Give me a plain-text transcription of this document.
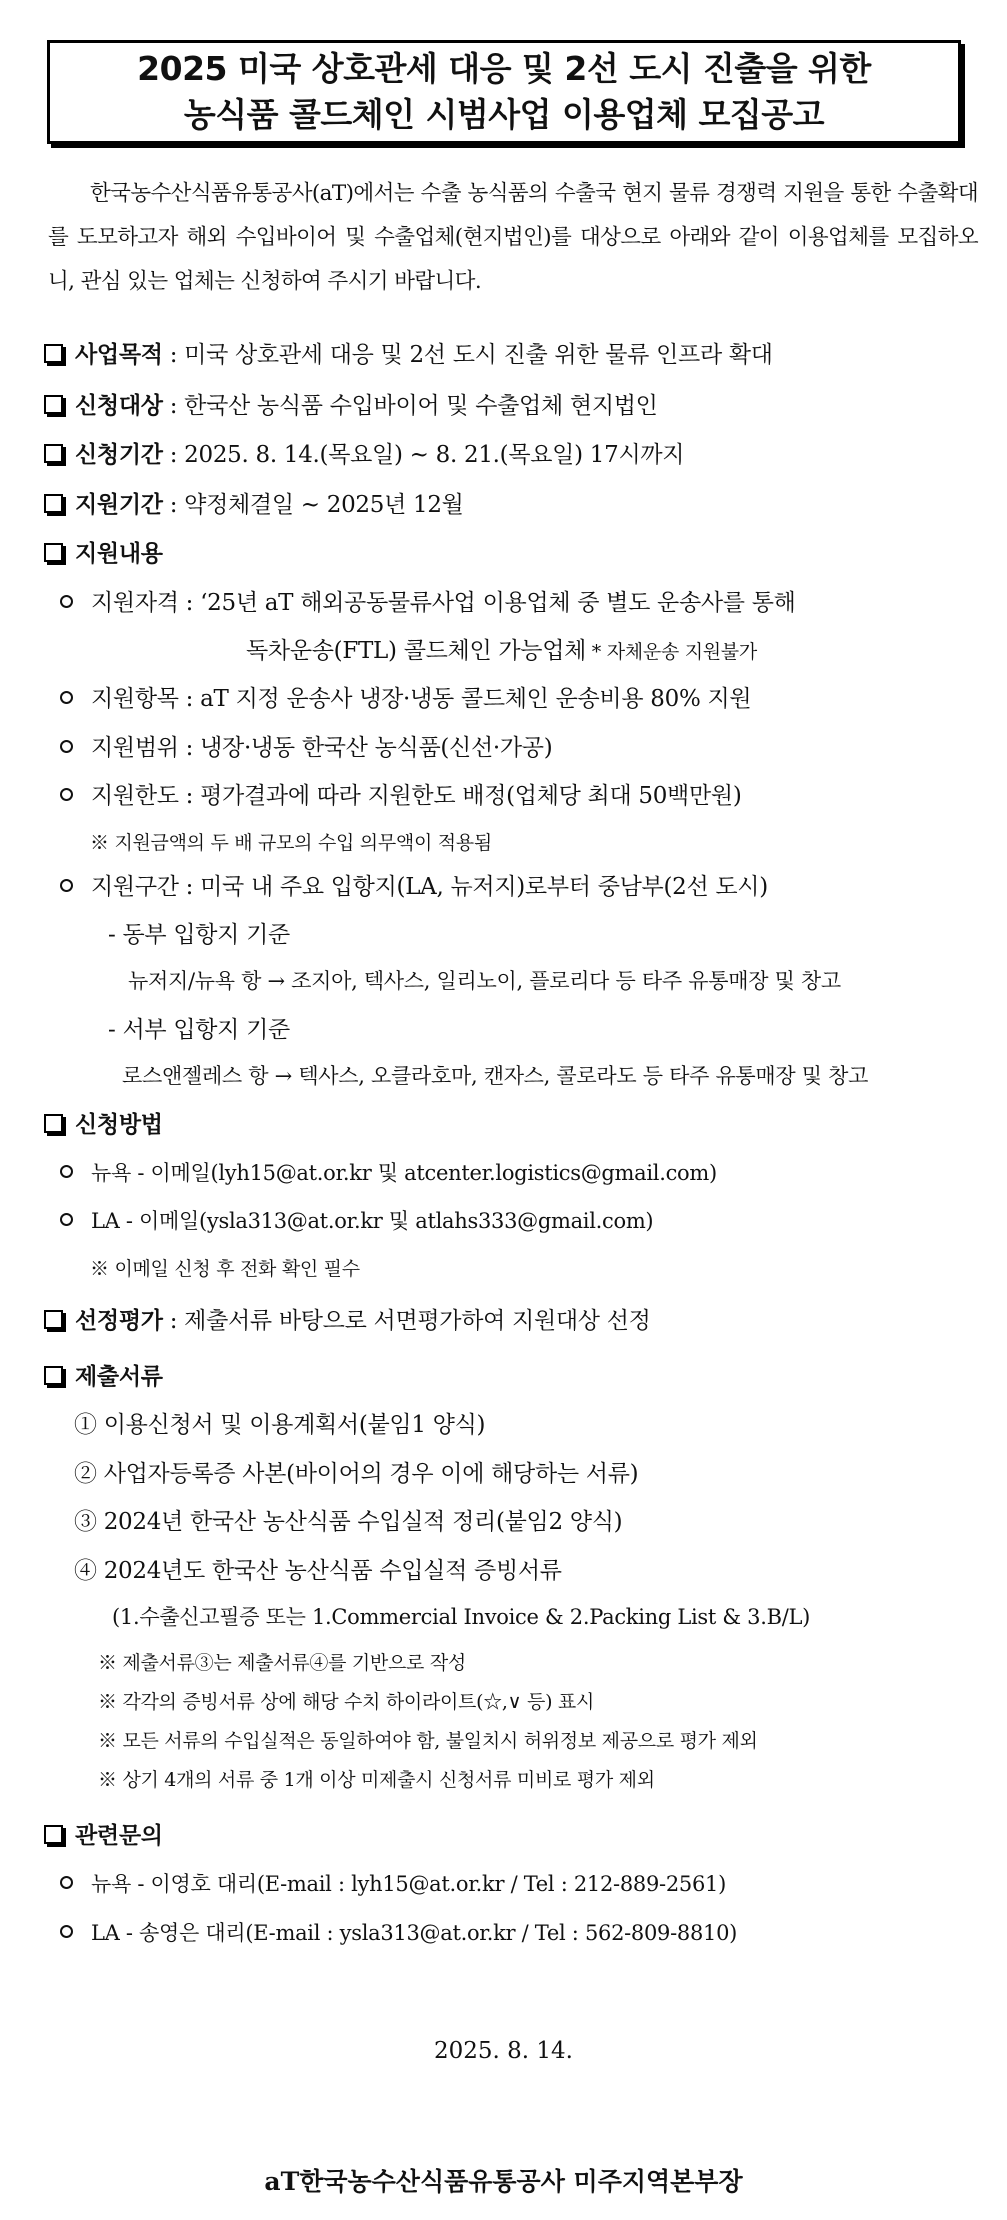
2025 미국 상호관세 대응 및 2선 도시 진출을 위한
농식품 콜드체인 시범사업 이용업체 모집공고
한국농수산식품유통공사(aT)에서는 수출 농식품의 수출국 현지 물류 경쟁력 지원을 통한 수출확대를 도모하고자 해외 수입바이어 및 수출업체(현지법인)를 대상으로 아래와 같이 이용업체를 모집하오니, 관심 있는 업체는 신청하여 주시기 바랍니다.
사업목적 : 미국 상호관세 대응 및 2선 도시 진출 위한 물류 인프라 확대
신청대상 : 한국산 농식품 수입바이어 및 수출업체 현지법인
신청기간 : 2025. 8. 14.(목요일) ~ 8. 21.(목요일) 17시까지
지원기간 : 약정체결일 ~ 2025년 12월
지원내용
지원자격 : ‘25년 aT 해외공동물류사업 이용업체 중 별도 운송사를 통해
독차운송(FTL) 콜드체인 가능업체 * 자체운송 지원불가
지원항목 : aT 지정 운송사 냉장·냉동 콜드체인 운송비용 80% 지원
지원범위 : 냉장·냉동 한국산 농식품(신선·가공)
지원한도 : 평가결과에 따라 지원한도 배정(업체당 최대 50백만원)
※ 지원금액의 두 배 규모의 수입 의무액이 적용됨
지원구간 : 미국 내 주요 입항지(LA, 뉴저지)로부터 중남부(2선 도시)
- 동부 입항지 기준
뉴저지/뉴욕 항 → 조지아, 텍사스, 일리노이, 플로리다 등 타주 유통매장 및 창고
- 서부 입항지 기준
로스앤젤레스 항 → 텍사스, 오클라호마, 캔자스, 콜로라도 등 타주 유통매장 및 창고
신청방법
뉴욕 - 이메일(lyh15@at.or.kr 및 atcenter.logistics@gmail.com)
LA - 이메일(ysla313@at.or.kr 및 atlahs333@gmail.com)
※ 이메일 신청 후 전화 확인 필수
선정평가 : 제출서류 바탕으로 서면평가하여 지원대상 선정
제출서류
① 이용신청서 및 이용계획서(붙임1 양식)
② 사업자등록증 사본(바이어의 경우 이에 해당하는 서류)
③ 2024년 한국산 농산식품 수입실적 정리(붙임2 양식)
④ 2024년도 한국산 농산식품 수입실적 증빙서류
(1.수출신고필증 또는 1.Commercial Invoice & 2.Packing List & 3.B/L)
※ 제출서류③는 제출서류④를 기반으로 작성
※ 각각의 증빙서류 상에 해당 수치 하이라이트(☆,∨ 등) 표시
※ 모든 서류의 수입실적은 동일하여야 함, 불일치시 허위정보 제공으로 평가 제외
※ 상기 4개의 서류 중 1개 이상 미제출시 신청서류 미비로 평가 제외
관련문의
뉴욕 - 이영호 대리(E-mail : lyh15@at.or.kr / Tel : 212-889-2561)
LA - 송영은 대리(E-mail : ysla313@at.or.kr / Tel : 562-809-8810)
2025. 8. 14.
aT한국농수산식품유통공사 미주지역본부장
